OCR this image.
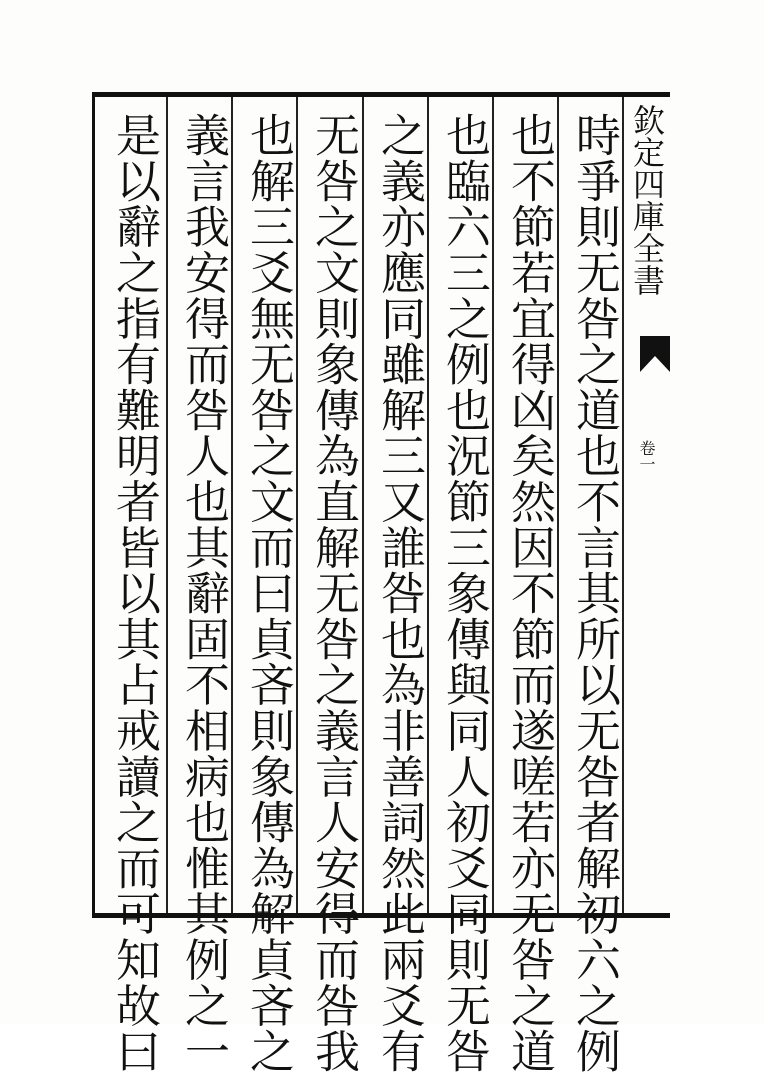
時爭則无咎之道也不言其所以无咎者解初六之例
也不節若宜得凶矣然因不節而遂嗟若亦无咎之道
也臨六三之例也況節三象傳與同人初爻同則无咎
之義亦應同雖解三又誰咎也為非善詞然此兩爻有
无咎之文則象傳為直解无咎之義言人安得而咎我
也解三爻無无咎之文而曰貞吝則象傳為解貞吝之
義言我安得而咎人也其辭固不相病也惟其例之一
是以辭之指有難明者皆以其占戒讀之而可知故曰	欽定四庫全書
卷一
